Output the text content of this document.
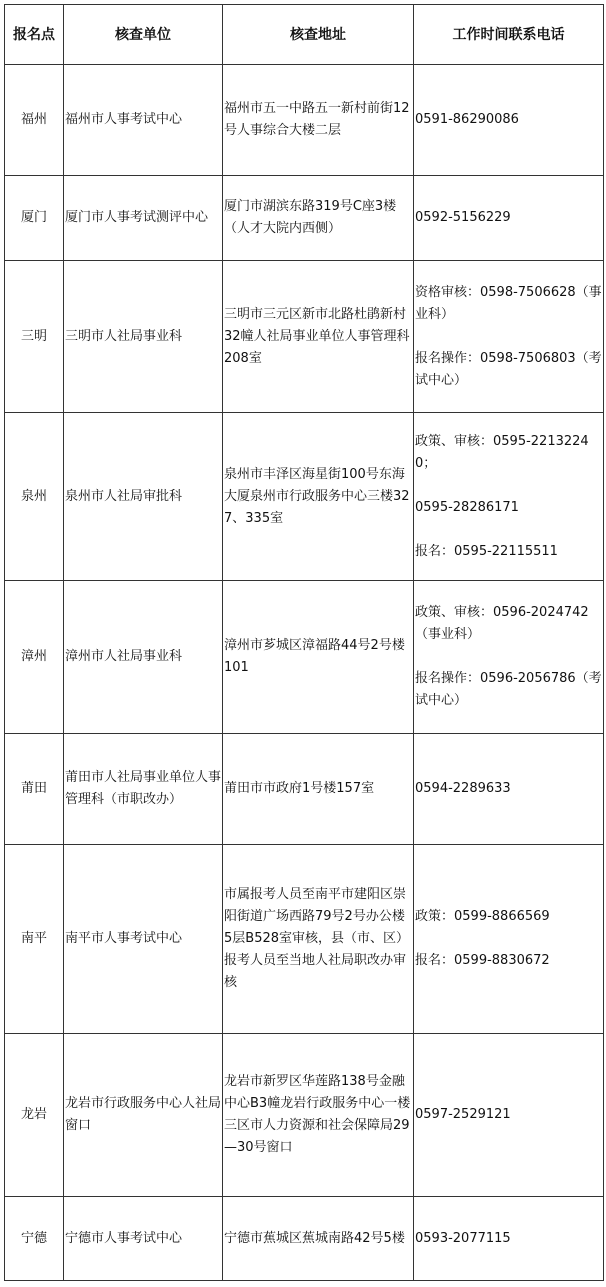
报名点	核查单位	核查地址	工作时间联系电话
福州	福州市人事考试中心	福州市五一中路五一新村前街12号人事综合大楼二层	0591-86290086

厦门	厦门市人事考试测评中心	厦门市湖滨东路319号C座3楼（人才大院内西侧）	0592-5156229

三明	三明市人社局事业科	三明市三元区新市北路杜鹃新村32幢人社局事业单位人事管理科208室	资格审核：0598-7506628（事业科）
报名操作：0598-7506803（考试中心）

泉州	泉州市人社局审批科	泉州市丰泽区海星街100号东海大厦泉州市行政服务中心三楼327、335室	政策、审核：0595-22132240；
0595-28286171
报名：0595-22115511

漳州	漳州市人社局事业科	漳州市芗城区漳福路44号2号楼101	政策、审核：0596-2024742（事业科）
报名操作：0596-2056786（考试中心）

莆田	莆田市人社局事业单位人事管理科（市职改办）	莆田市市政府1号楼157室	0594-2289633

南平	南平市人事考试中心	市属报考人员至南平市建阳区崇阳街道广场西路79号2号办公楼 5层B528室审核，县（市、区）报考人员至当地人社局职改办审核	政策：0599-8866569
报名：0599-8830672

龙岩	龙岩市行政服务中心人社局窗口	龙岩市新罗区华莲路138号金融中心B3幢龙岩行政服务中心一楼三区市人力资源和社会保障局29—30号窗口	0597-2529121

宁德	宁德市人事考试中心	宁德市蕉城区蕉城南路42号5楼	0593-2077115
